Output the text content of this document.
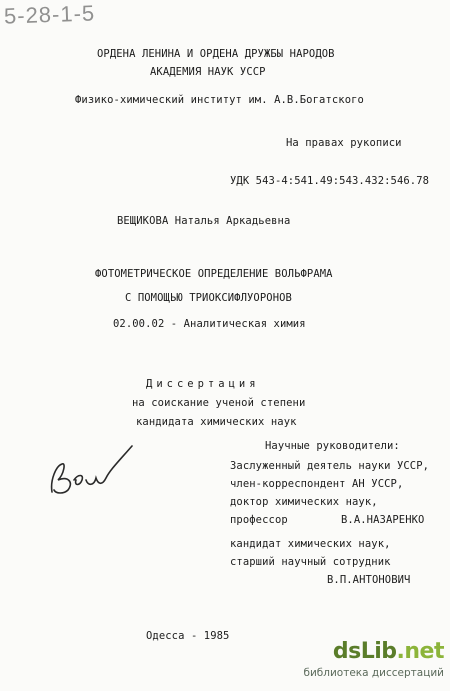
5-28-1-5
ОРДЕНА ЛЕНИНА И ОРДЕНА ДРУЖБЫ НАРОДОВ
АКАДЕМИЯ НАУК УССР
Физико-химический институт им. А.В.Богатского
На правах рукописи
УДК 543-4:541.49:543.432:546.78
ВЕЩИКОВА Наталья Аркадьевна
ФОТОМЕТРИЧЕСКОЕ ОПРЕДЕЛЕНИЕ ВОЛЬФРАМА
С ПОМОЩЬЮ ТРИОКСИФЛУОРОНОВ
02.00.02 - Аналитическая химия
Диссертация
на соискание ученой степени
кандидата химических наук
Научные руководители:
Заслуженный деятель науки УССР,
член-корреспондент АН УССР,
доктор химических наук,
профессор	В.А.НАЗАРЕНКО
кандидат химических наук,
старший научный сотрудник
В.П.АНТОНОВИЧ
Одесса - 1985
dsLib.net
библиотека диссертаций
